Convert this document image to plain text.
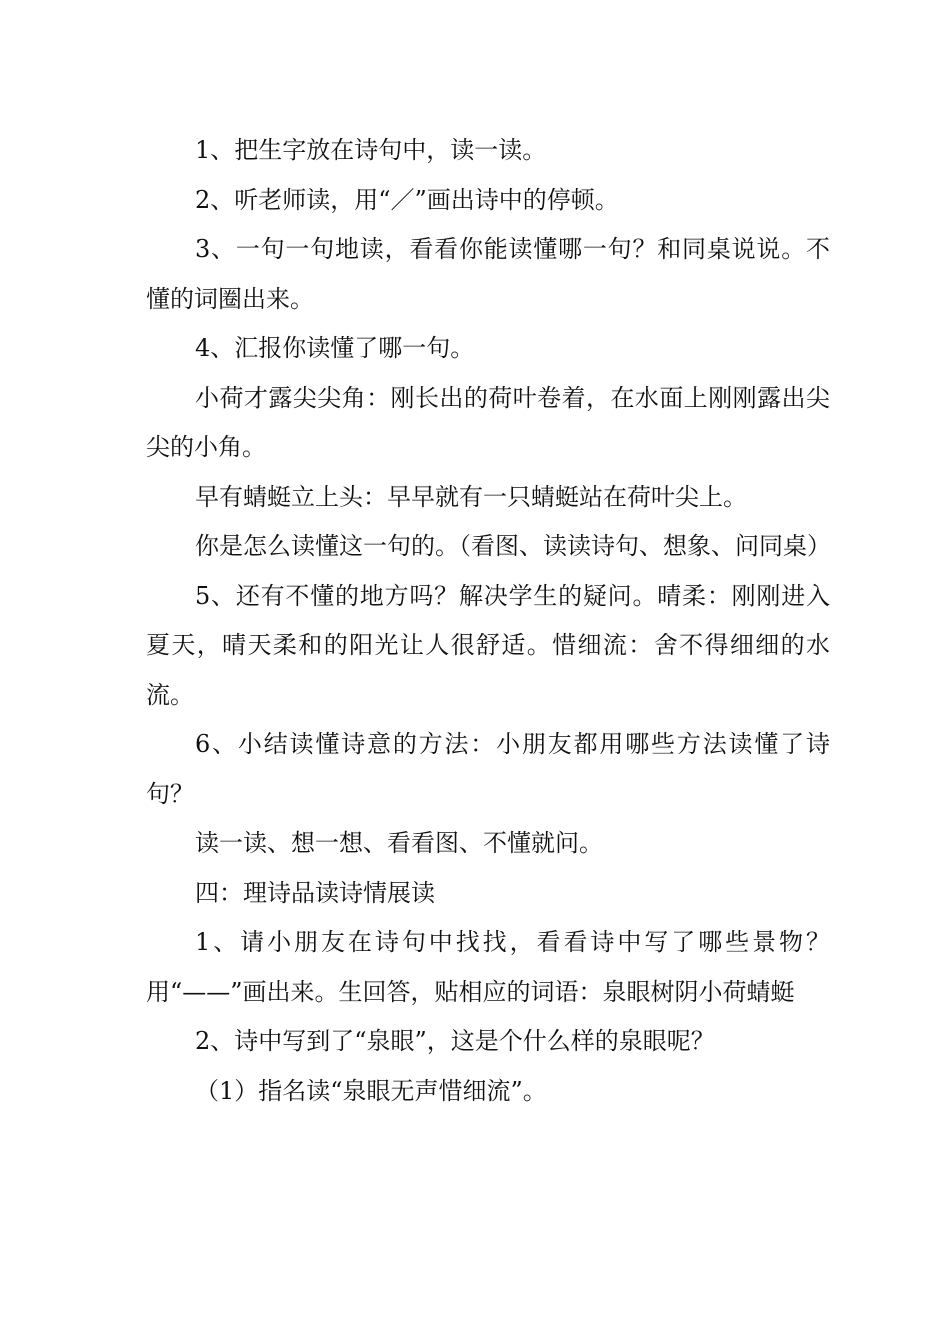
1、把生字放在诗句中，读一读。

2、听老师读，用“／”画出诗中的停顿。

3、一句一句地读，看看你能读懂哪一句？和同桌说说。不懂的词圈出来。

4、汇报你读懂了哪一句。

小荷才露尖尖角：刚长出的荷叶卷着，在水面上刚刚露出尖尖的小角。

早有蜻蜓立上头：早早就有一只蜻蜓站在荷叶尖上。

你是怎么读懂这一句的。（看图、读读诗句、想象、问同桌）

5、还有不懂的地方吗？解决学生的疑问。晴柔：刚刚进入夏天，晴天柔和的阳光让人很舒适。惜细流：舍不得细细的水流。

6、小结读懂诗意的方法：小朋友都用哪些方法读懂了诗句？

读一读、想一想、看看图、不懂就问。

四：理诗品读诗情展读

1、请小朋友在诗句中找找，看看诗中写了哪些景物？用“——”画出来。生回答，贴相应的词语：泉眼树阴小荷蜻蜓

2、诗中写到了“泉眼”，这是个什么样的泉眼呢？

（1）指名读“泉眼无声惜细流”。
